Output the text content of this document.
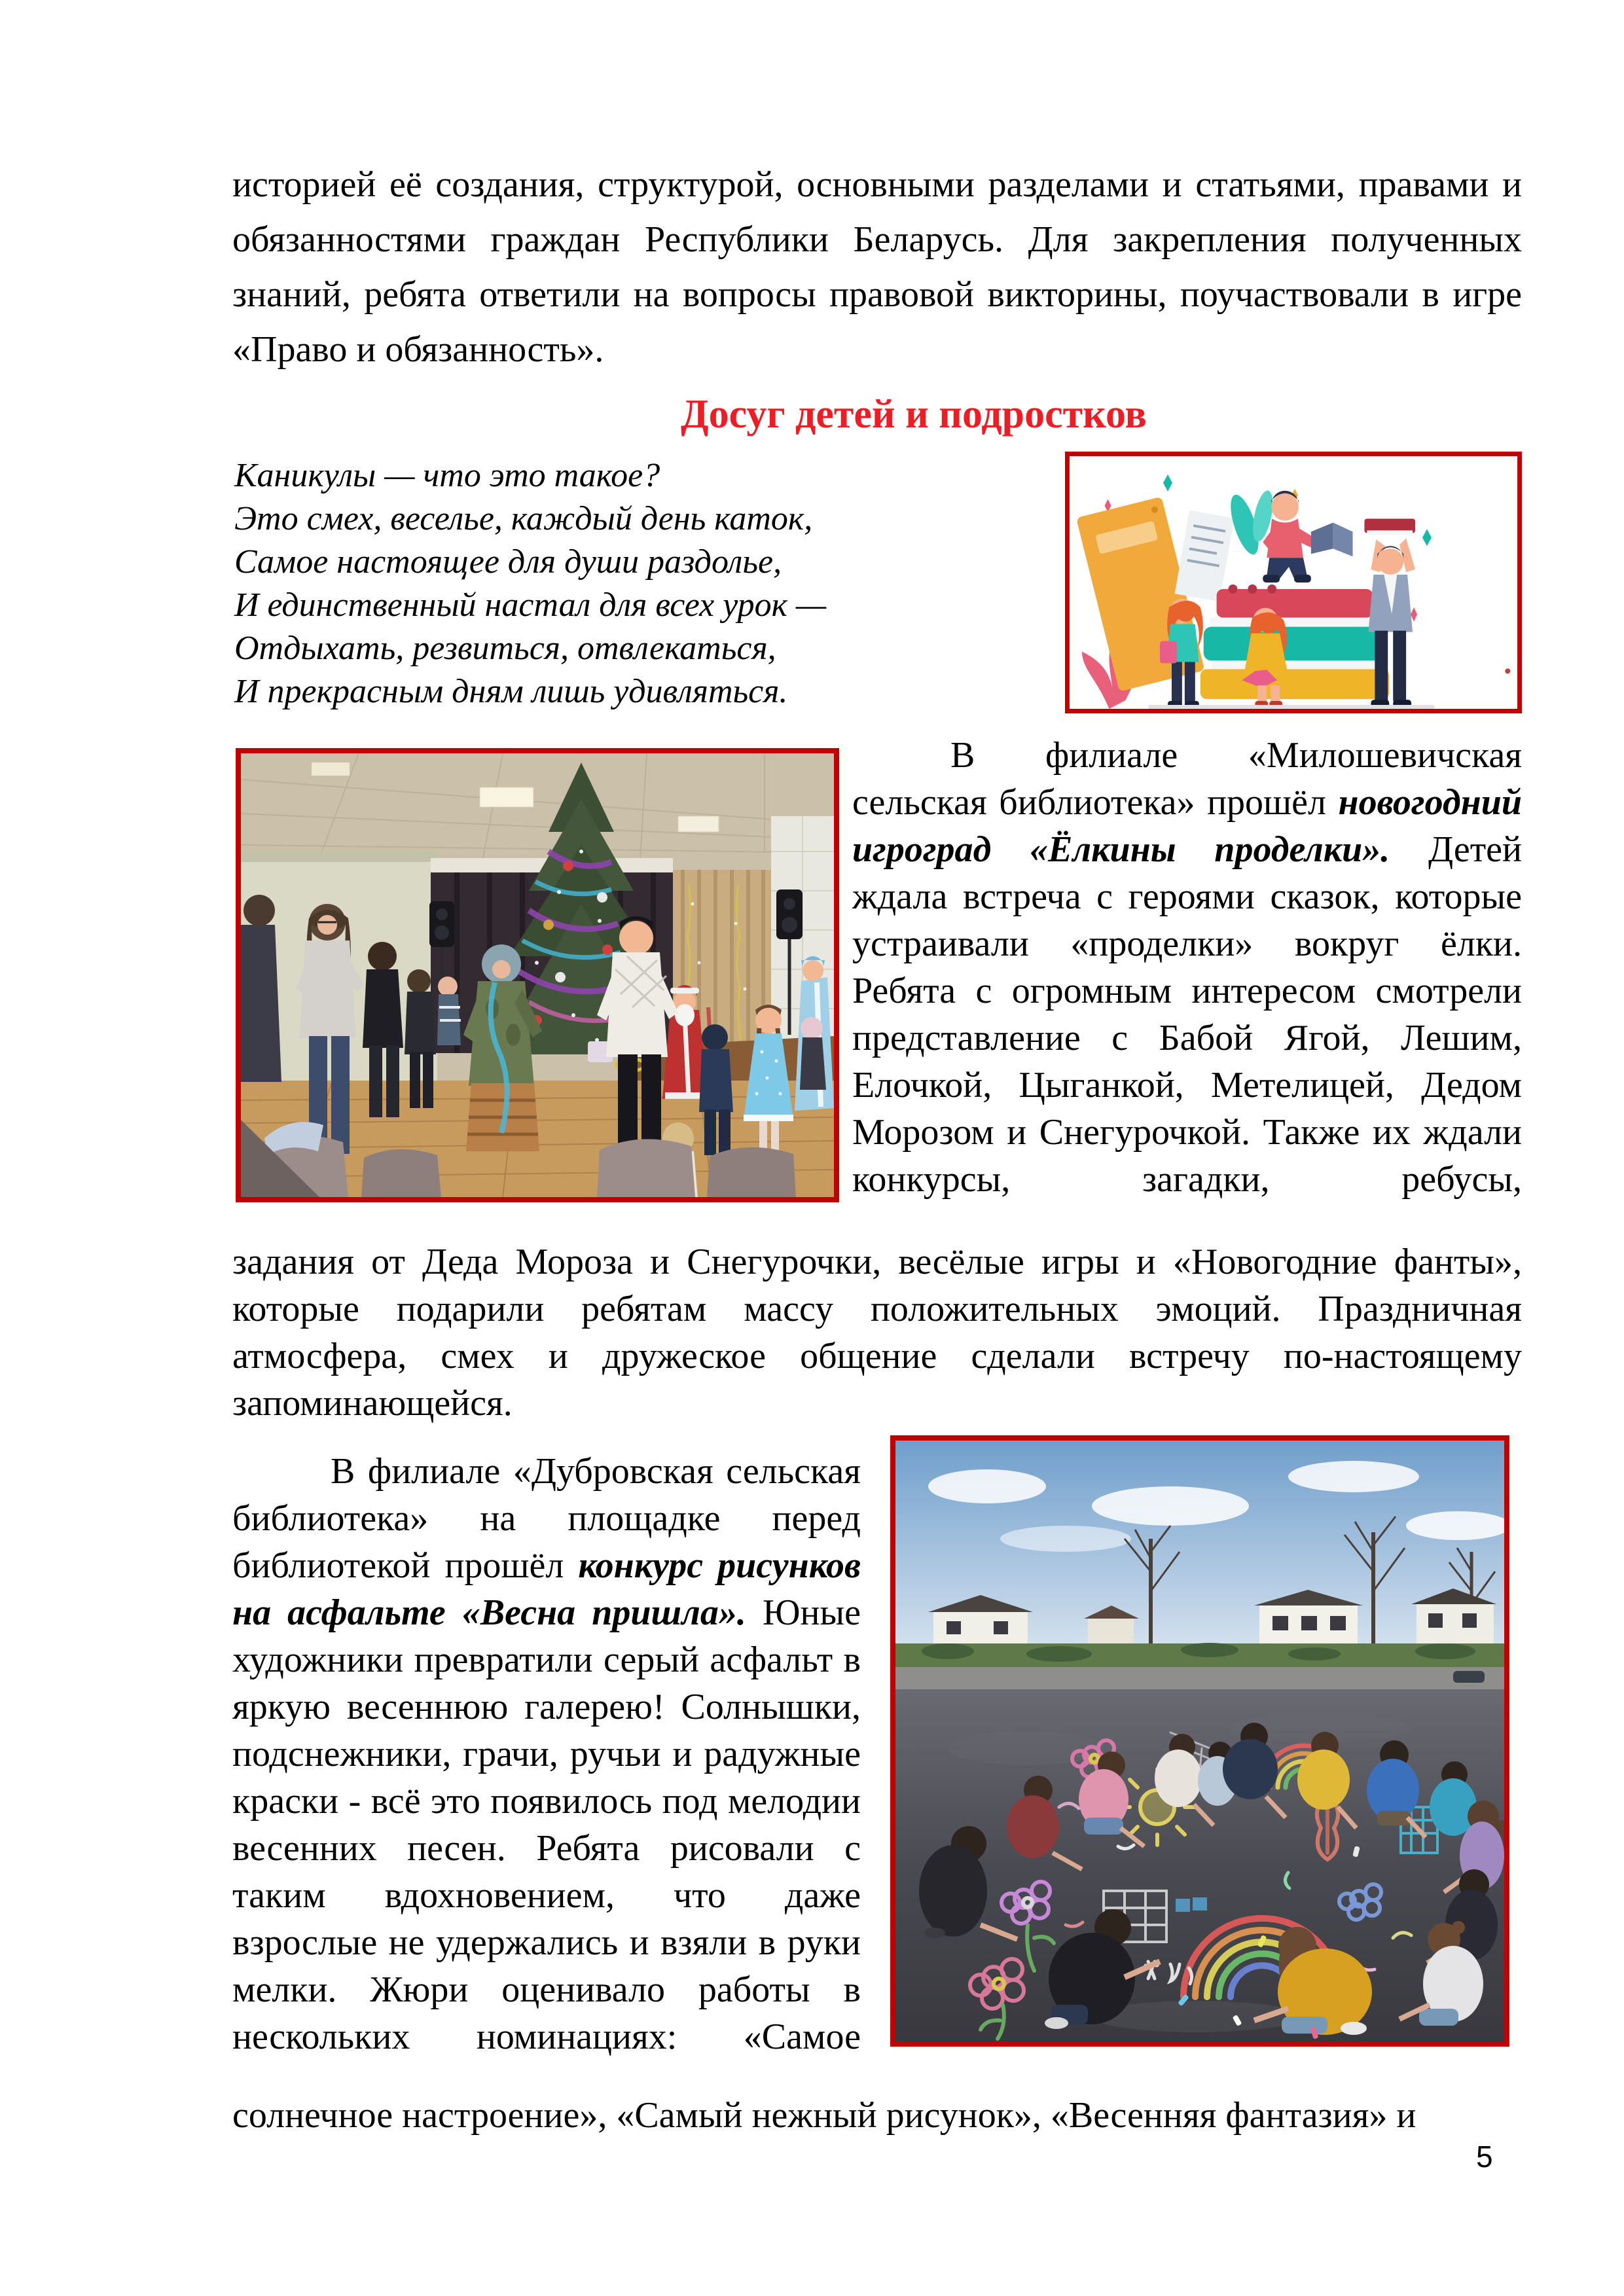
историей её создания, структурой, основными разделами и статьями, правами и обязанностями граждан Республики Беларусь. Для закрепления полученных знаний, ребята ответили на вопросы правовой викторины, поучаствовали в игре «Право и обязанность».
Досуг детей и подростков
Каникулы — что это такое?
Это смех, веселье, каждый день каток,
Самое настоящее для души раздолье,
И единственный настал для всех урок —
Отдыхать, резвиться, отвлекаться,
И прекрасным дням лишь удивляться.

В филиале «Милошевичская сельская библиотека» прошёл новогодний игроград «Ёлкины проделки». Детей ждала встреча с героями сказок, которые устраивали «проделки» вокруг ёлки. Ребята с огромным интересом смотрели представление с Бабой Ягой, Лешим, Елочкой, Цыганкой, Метелицей, Дедом Морозом и Снегурочкой. Также их ждали конкурсы, загадки, ребусы,

задания от Деда Мороза и Снегурочки, весёлые игры и «Новогодние фанты», которые подарили ребятам массу положительных эмоций. Праздничная атмосфера, смех и дружеское общение сделали встречу по-настоящему запоминающейся.

В филиале «Дубровская сельская библиотека» на площадке перед библиотекой прошёл конкурс рисунков на асфальте «Весна пришла». Юные художники превратили серый асфальт в яркую весеннюю галерею! Солнышки, подснежники, грачи, ручьи и радужные краски - всё это появилось под мелодии весенних песен. Ребята рисовали с таким вдохновением, что даже взрослые не удержались и взяли в руки мелки. Жюри оценивало работы в нескольких номинациях: «Самое

солнечное настроение», «Самый нежный рисунок», «Весенняя фантазия» и
5
